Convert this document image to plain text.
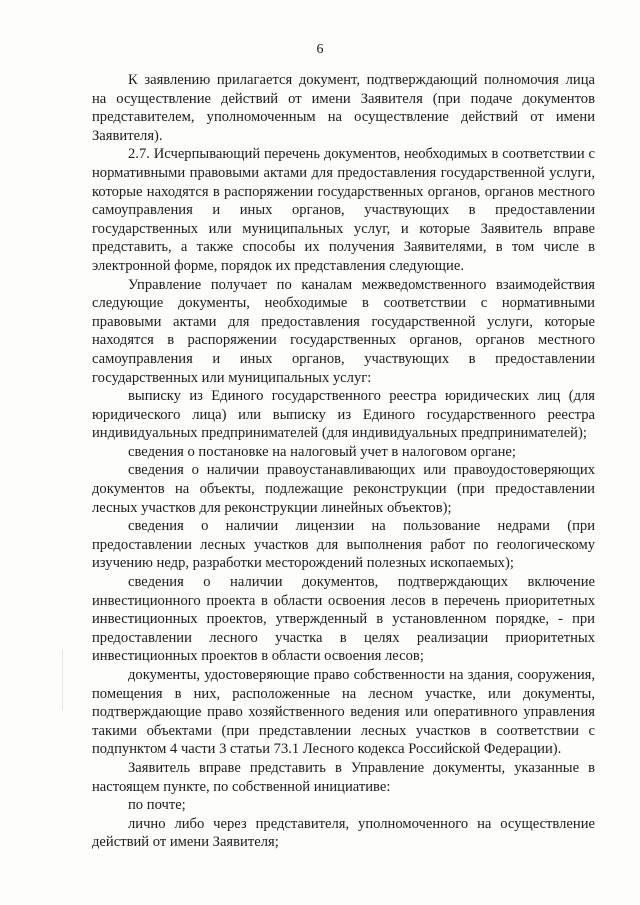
6

К заявлению прилагается документ, подтверждающий полномочия лица на осуществление действий от имени Заявителя (при подаче документов представителем, уполномоченным на осуществление действий от имени Заявителя).

2.7. Исчерпывающий перечень документов, необходимых в соответствии с нормативными правовыми актами для предоставления государственной услуги, которые находятся в распоряжении государственных органов, органов местного самоуправления и иных органов, участвующих в предоставлении государственных или муниципальных услуг, и которые Заявитель вправе представить, а также способы их получения Заявителями, в том числе в электронной форме, порядок их представления следующие.

Управление получает по каналам межведомственного взаимодействия следующие документы, необходимые в соответствии с нормативными правовыми актами для предоставления государственной услуги, которые находятся в распоряжении государственных органов, органов местного самоуправления и иных органов, участвующих в предоставлении государственных или муниципальных услуг:

выписку из Единого государственного реестра юридических лиц (для юридического лица) или выписку из Единого государственного реестра индивидуальных предпринимателей (для индивидуальных предпринимателей);

сведения о постановке на налоговый учет в налоговом органе;

сведения о наличии правоустанавливающих или правоудостоверяющих документов на объекты, подлежащие реконструкции (при предоставлении лесных участков для реконструкции линейных объектов);

сведения о наличии лицензии на пользование недрами (при предоставлении лесных участков для выполнения работ по геологическому изучению недр, разработки месторождений полезных ископаемых);

сведения о наличии документов, подтверждающих включение инвестиционного проекта в области освоения лесов в перечень приоритетных инвестиционных проектов, утвержденный в установленном порядке, - при предоставлении лесного участка в целях реализации приоритетных инвестиционных проектов в области освоения лесов;

документы, удостоверяющие право собственности на здания, сооружения, помещения в них, расположенные на лесном участке, или документы, подтверждающие право хозяйственного ведения или оперативного управления такими объектами (при представлении лесных участков в соответствии с подпунктом 4 части 3 статьи 73.1 Лесного кодекса Российской Федерации).

Заявитель вправе представить в Управление документы, указанные в настоящем пункте, по собственной инициативе:

по почте;

лично либо через представителя, уполномоченного на осуществление действий от имени Заявителя;
